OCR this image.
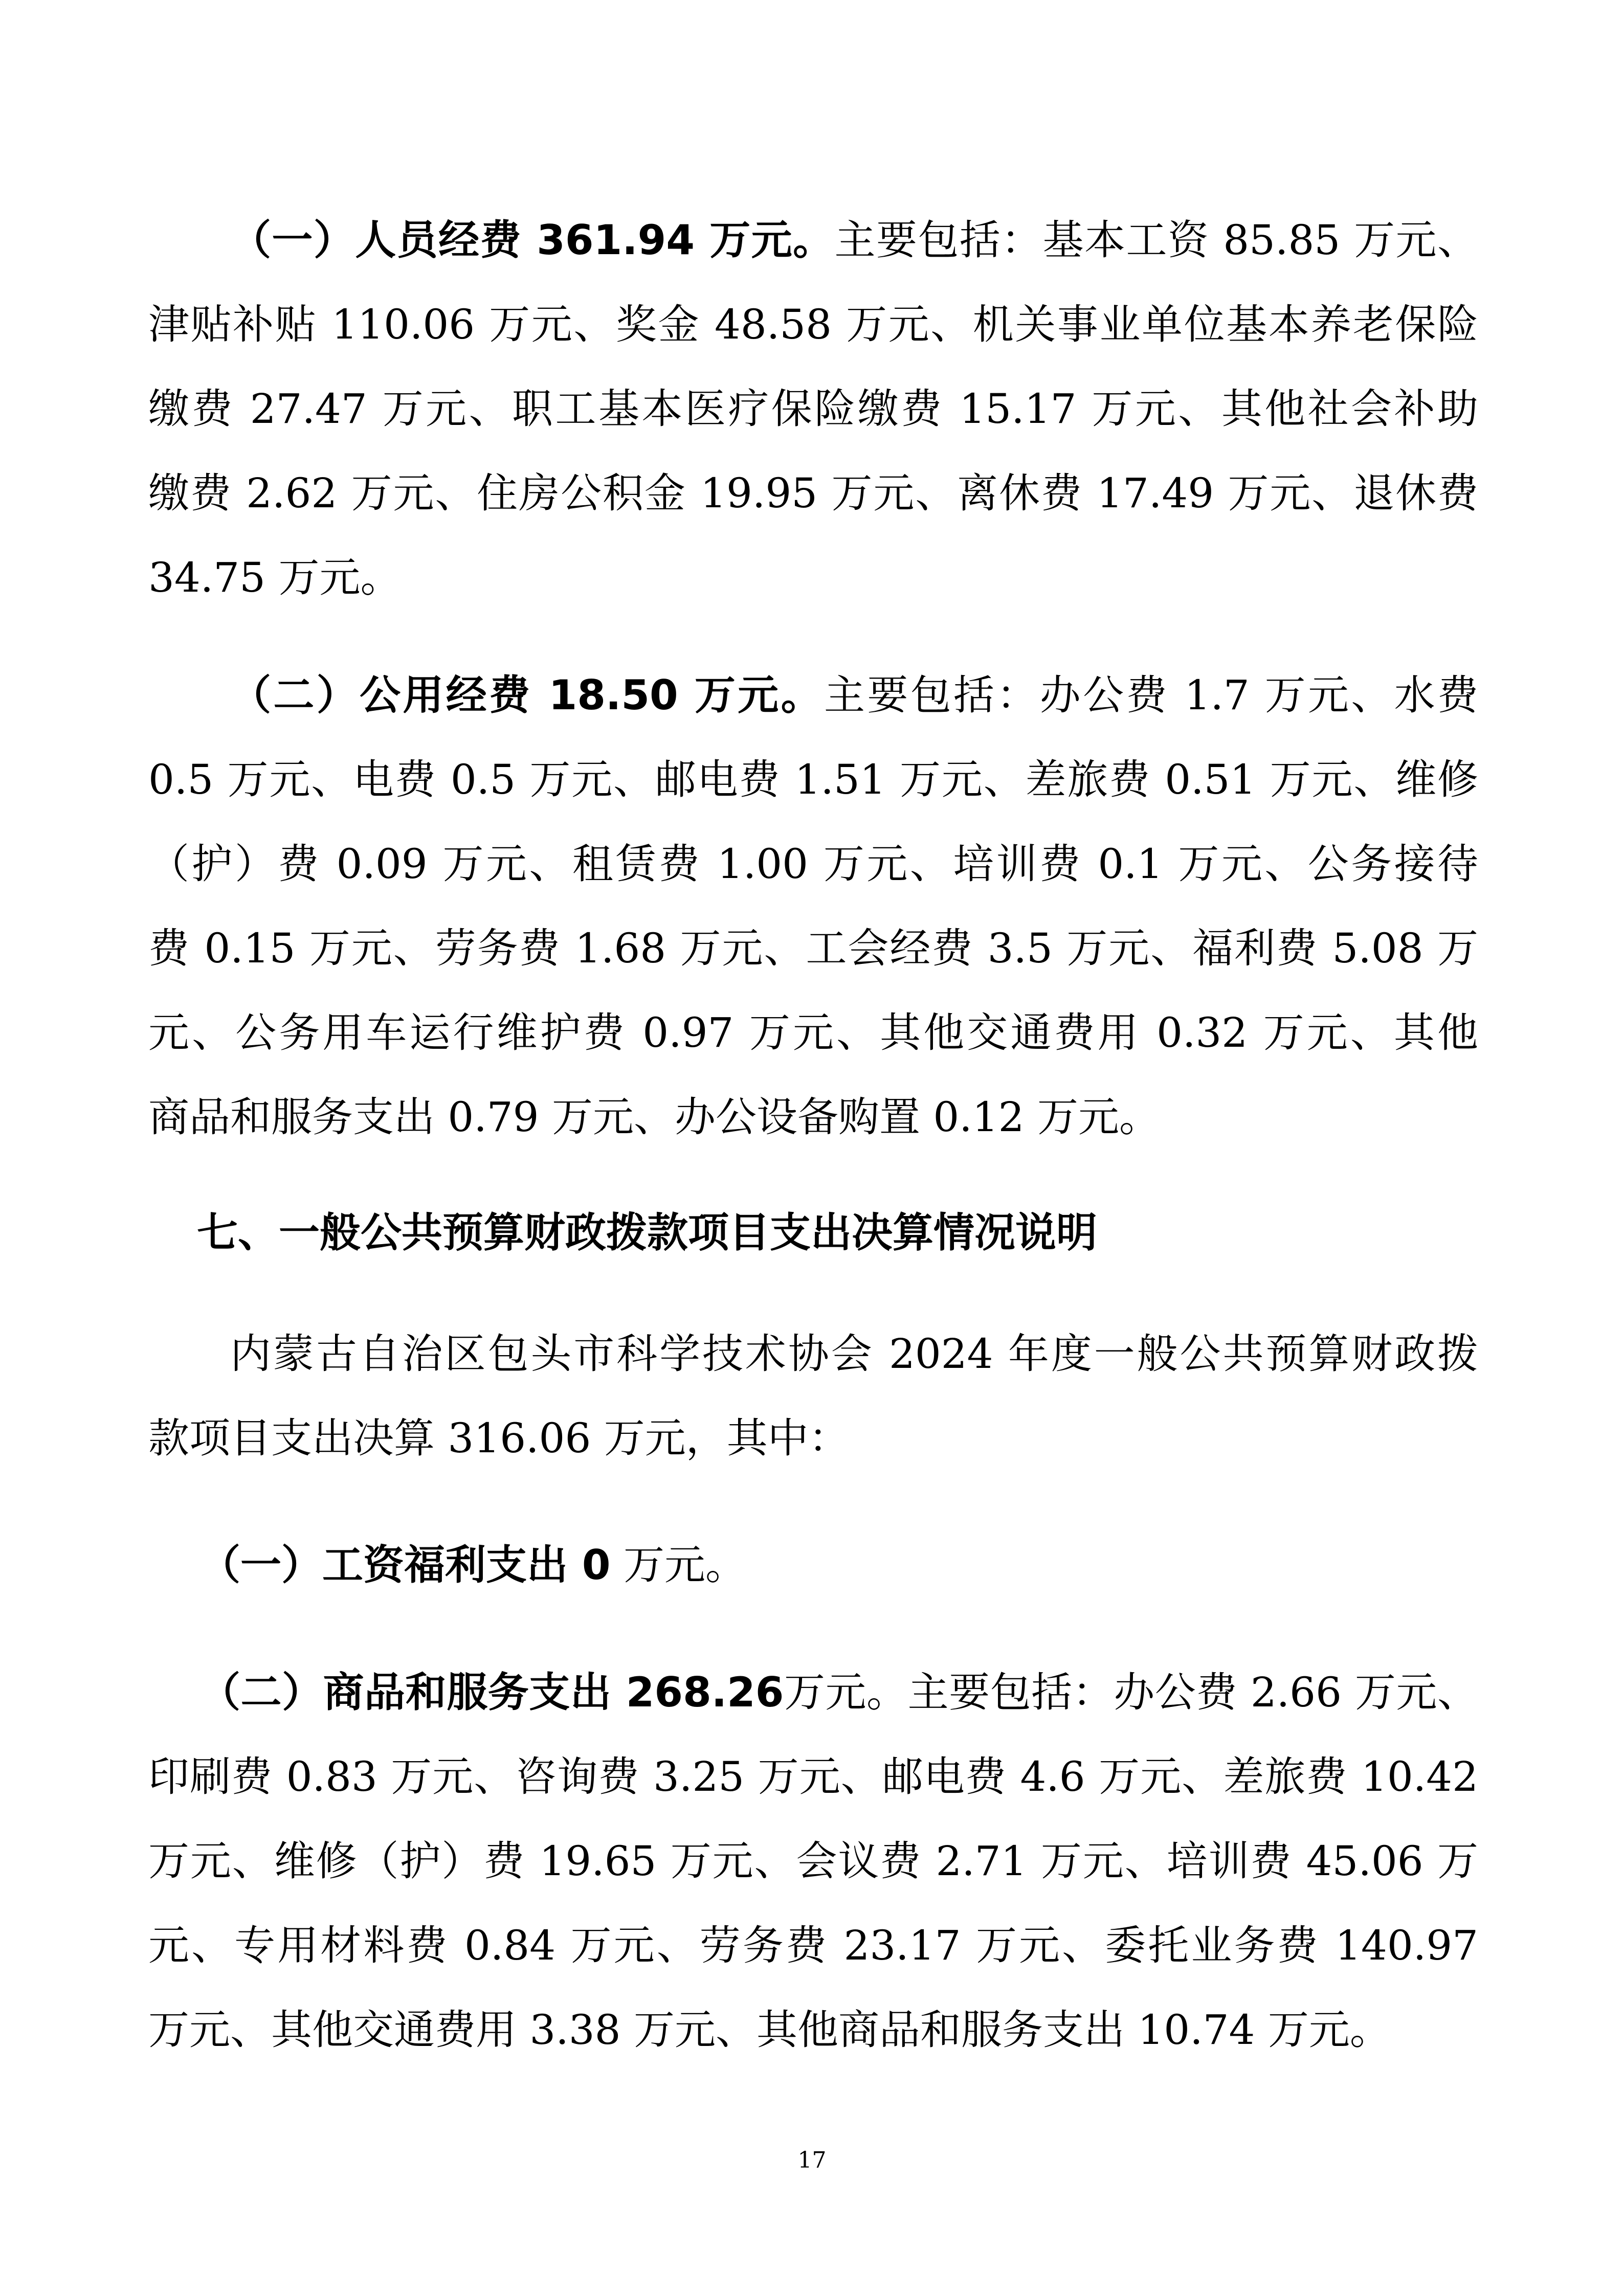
（一）人员经费 361.94 万元。主要包括：基本工资 85.85 万元、
津贴补贴 110.06 万元、奖金 48.58 万元、机关事业单位基本养老保险
缴费 27.47 万元、职工基本医疗保险缴费 15.17 万元、其他社会补助
缴费 2.62 万元、住房公积金 19.95 万元、离休费 17.49 万元、退休费
34.75 万元。
（二）公用经费 18.50 万元。主要包括：办公费 1.7 万元、水费
0.5 万元、电费 0.5 万元、邮电费 1.51 万元、差旅费 0.51 万元、维修
（护）费 0.09 万元、租赁费 1.00 万元、培训费 0.1 万元、公务接待
费 0.15 万元、劳务费 1.68 万元、工会经费 3.5 万元、福利费 5.08 万
元、公务用车运行维护费 0.97 万元、其他交通费用 0.32 万元、其他
商品和服务支出 0.79 万元、办公设备购置 0.12 万元。
七、一般公共预算财政拨款项目支出决算情况说明
内蒙古自治区包头市科学技术协会 2024 年度一般公共预算财政拨
款项目支出决算 316.06 万元，其中：
（一）工资福利支出 0 万元。
（二）商品和服务支出 268.26万元。主要包括：办公费 2.66 万元、
印刷费 0.83 万元、咨询费 3.25 万元、邮电费 4.6 万元、差旅费 10.42
万元、维修（护）费 19.65 万元、会议费 2.71 万元、培训费 45.06 万
元、专用材料费 0.84 万元、劳务费 23.17 万元、委托业务费 140.97
万元、其他交通费用 3.38 万元、其他商品和服务支出 10.74 万元。
17
